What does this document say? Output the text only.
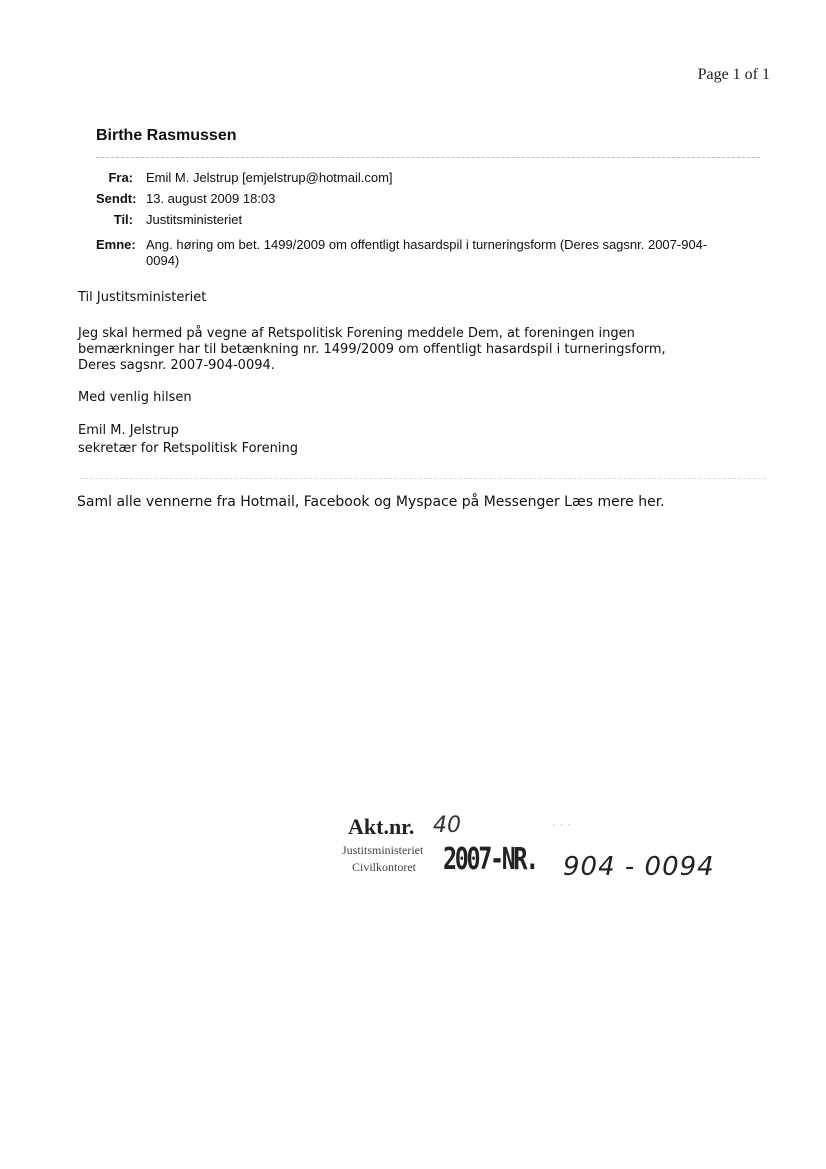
Page 1 of 1
Birthe Rasmussen
Fra: Emil M. Jelstrup [emjelstrup@hotmail.com]
Sendt: 13. august 2009 18:03
Til: Justitsministeriet
Emne: Ang. høring om bet. 1499/2009 om offentligt hasardspil i turneringsform (Deres sagsnr. 2007-904-
0094)
Til Justitsministeriet
Jeg skal hermed på vegne af Retspolitisk Forening meddele Dem, at foreningen ingen
bemærkninger har til betænkning nr. 1499/2009 om offentligt hasardspil i turneringsform,
Deres sagsnr. 2007-904-0094.
Med venlig hilsen
Emil M. Jelstrup
sekretær for Retspolitisk Forening
Saml alle vennerne fra Hotmail, Facebook og Myspace på Messenger Læs mere her.
Akt.nr. 40	⋅ ⋅ ⋅
Justitsministeriet
Civilkontoret 2007-NR. 904 - 0094
